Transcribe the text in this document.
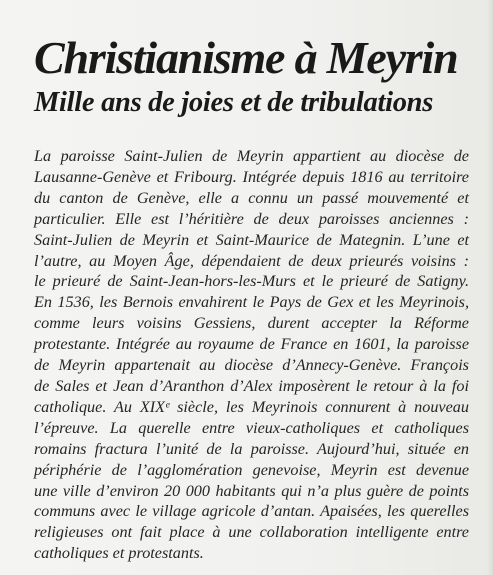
Christianisme à Meyrin
Mille ans de joies et de tribulations
La paroisse Saint-Julien de Meyrin appartient au diocèse de
Lausanne-Genève et Fribourg. Intégrée depuis 1816 au territoire
du canton de Genève, elle a connu un passé mouvementé et
particulier. Elle est l’héritière de deux paroisses anciennes :
Saint-Julien de Meyrin et Saint-Maurice de Mategnin. L’une et
l’autre, au Moyen Âge, dépendaient de deux prieurés voisins :
le prieuré de Saint-Jean-hors-les-Murs et le prieuré de Satigny.
En 1536, les Bernois envahirent le Pays de Gex et les Meyrinois,
comme leurs voisins Gessiens, durent accepter la Réforme
protestante. Intégrée au royaume de France en 1601, la paroisse
de Meyrin appartenait au diocèse d’Annecy-Genève. François
de Sales et Jean d’Aranthon d’Alex imposèrent le retour à la foi
catholique. Au XIXᵉ siècle, les Meyrinois connurent à nouveau
l’épreuve. La querelle entre vieux-catholiques et catholiques
romains fractura l’unité de la paroisse. Aujourd’hui, située en
périphérie de l’agglomération genevoise, Meyrin est devenue
une ville d’environ 20 000 habitants qui n’a plus guère de points
communs avec le village agricole d’antan. Apaisées, les querelles
religieuses ont fait place à une collaboration intelligente entre
catholiques et protestants.
